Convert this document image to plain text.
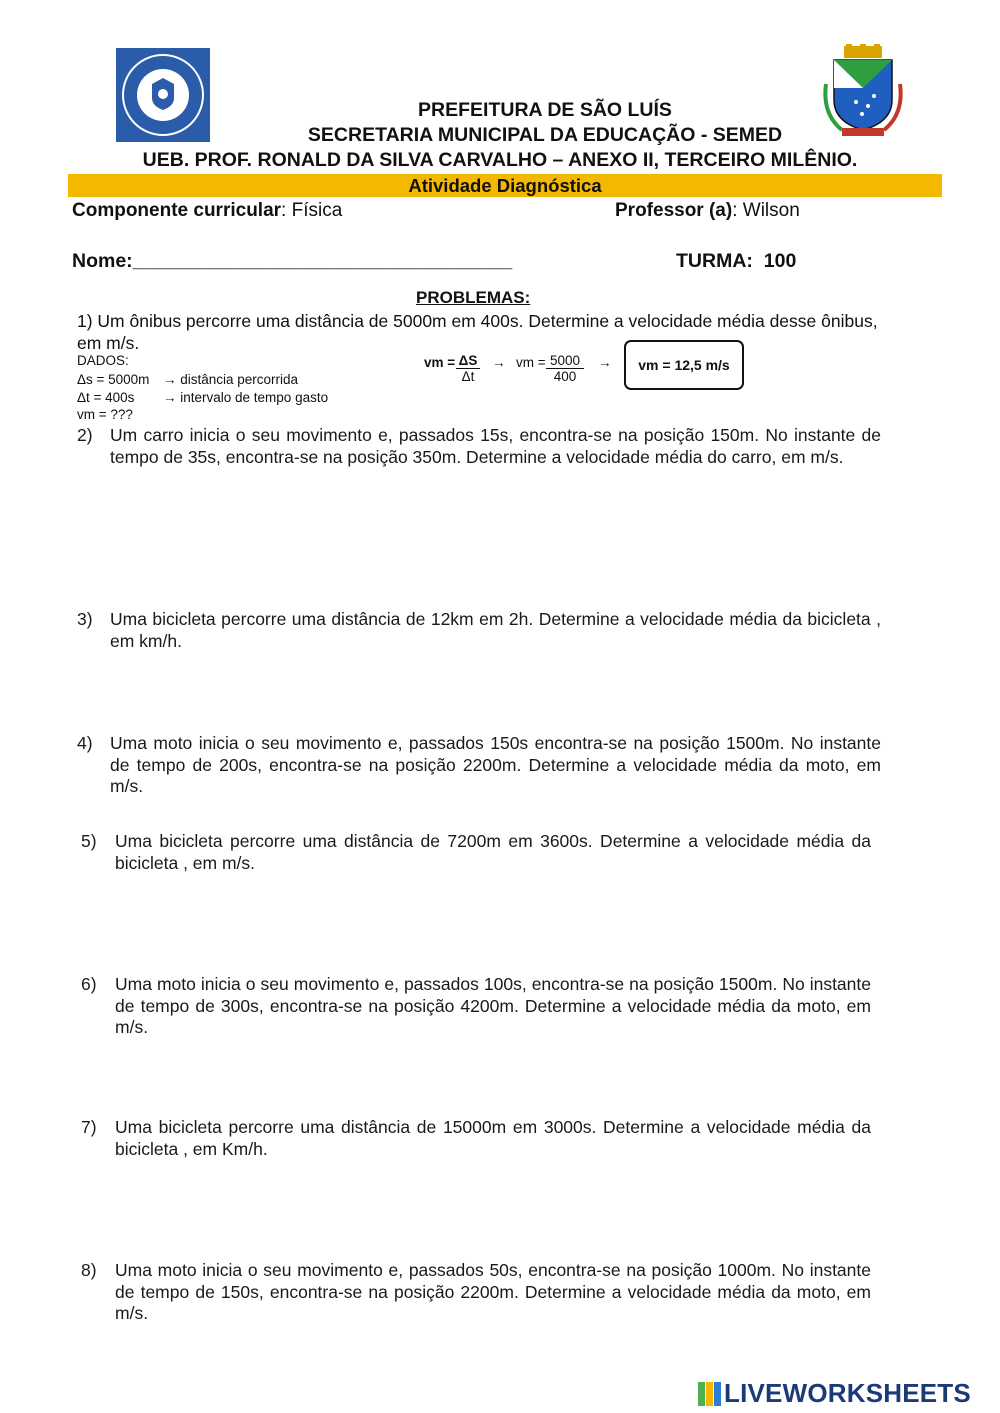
PREFEITURA DE SÃO LUÍS
SECRETARIA MUNICIPAL DA EDUCAÇÃO - SEMED
UEB. PROF. RONALD DA SILVA CARVALHO – ANEXO II, TERCEIRO MILÊNIO.
Atividade Diagnóstica
Componente curricular: Física	Professor (a): Wilson
Nome:___________________________________	TURMA: 100
PROBLEMAS:
1) Um ônibus percorre uma distância de 5000m em 400s. Determine a velocidade média desse ônibus, em m/s.
DADOS:
Δs = 5000m → distância percorrida
Δt = 400s → intervalo de tempo gasto
vm = ???
vm = $\frac{\Delta S}{\Delta t}$ → vm = $\frac{5000}{400}$ →	vm = 12,5 m/s
2) Um carro inicia o seu movimento e, passados 15s, encontra-se na posição 150m. No instante de tempo de 35s, encontra-se na posição 350m. Determine a velocidade média do carro, em m/s.
3) Uma bicicleta percorre uma distância de 12km em 2h. Determine a velocidade média da bicicleta , em km/h.
4) Uma moto inicia o seu movimento e, passados 150s encontra-se na posição 1500m. No instante de tempo de 200s, encontra-se na posição 2200m. Determine a velocidade média da moto, em m/s.
5) Uma bicicleta percorre uma distância de 7200m em 3600s. Determine a velocidade média da bicicleta , em m/s.
6) Uma moto inicia o seu movimento e, passados 100s, encontra-se na posição 1500m. No instante de tempo de 300s, encontra-se na posição 4200m. Determine a velocidade média da moto, em m/s.
7) Uma bicicleta percorre uma distância de 15000m em 3000s. Determine a velocidade média da bicicleta , em Km/h.
8) Uma moto inicia o seu movimento e, passados 50s, encontra-se na posição 1000m. No instante de tempo de 150s, encontra-se na posição 2200m. Determine a velocidade média da moto, em m/s.
LIVEWORKSHEETS
